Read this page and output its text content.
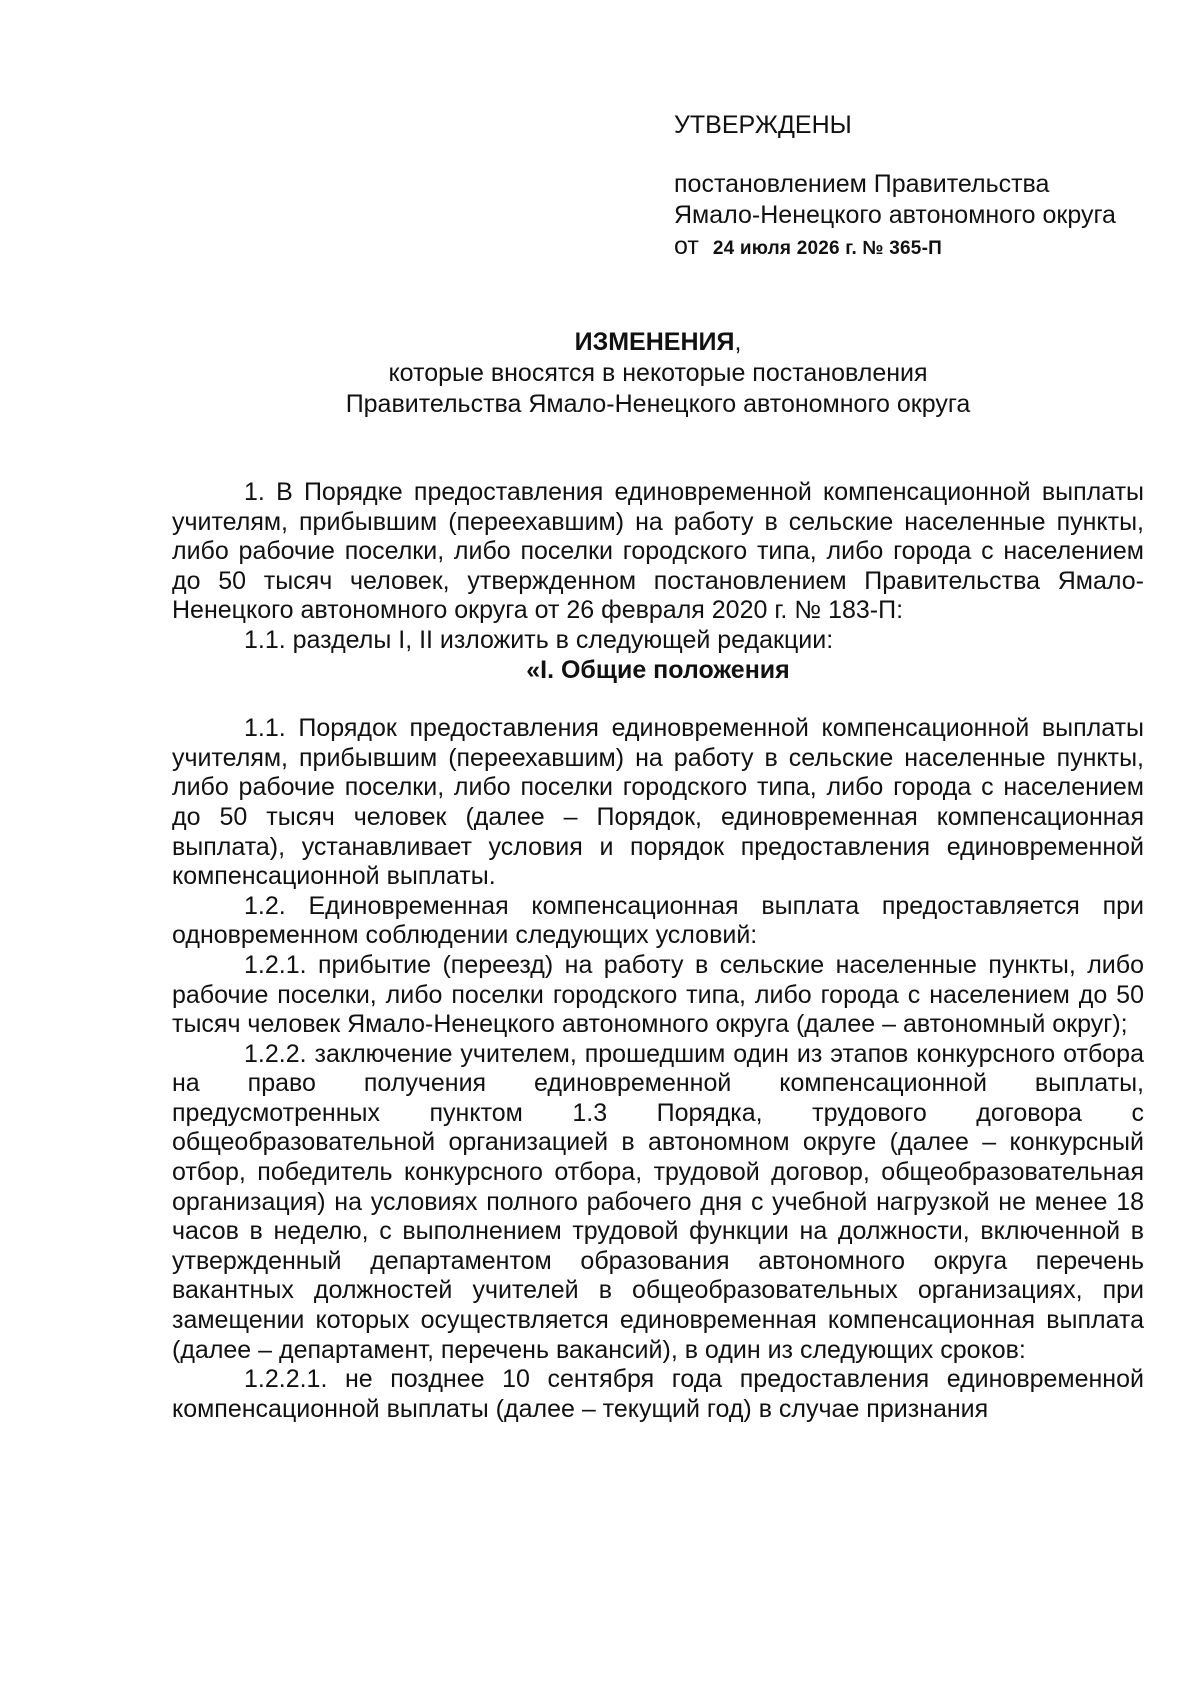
УТВЕРЖДЕНЫ
постановлением Правительства
Ямало-Ненецкого автономного округа
от 24 июля 2026 г. № 365-П
ИЗМЕНЕНИЯ,
которые вносятся в некоторые постановления
Правительства Ямало-Ненецкого автономного округа

1. В Порядке предоставления единовременной компенсационной выплаты учителям, прибывшим (переехавшим) на работу в сельские населенные пункты, либо рабочие поселки, либо поселки городского типа, либо города с населением до 50 тысяч человек, утвержденном постановлением Правительства Ямало-Ненецкого автономного округа от 26 февраля 2020 г. № 183-П:

1.1. разделы I, II изложить в следующей редакции:

«I. Общие положения

1.1. Порядок предоставления единовременной компенсационной выплаты учителям, прибывшим (переехавшим) на работу в сельские населенные пункты, либо рабочие поселки, либо поселки городского типа, либо города с населением до 50 тысяч человек (далее – Порядок, единовременная компенсационная выплата), устанавливает условия и порядок предоставления единовременной компенсационной выплаты.

1.2. Единовременная компенсационная выплата предоставляется при одновременном соблюдении следующих условий:

1.2.1. прибытие (переезд) на работу в сельские населенные пункты, либо рабочие поселки, либо поселки городского типа, либо города с населением до 50 тысяч человек Ямало-Ненецкого автономного округа (далее – автономный округ);

1.2.2. заключение учителем, прошедшим один из этапов конкурсного отбора на право получения единовременной компенсационной выплаты, предусмотренных пунктом 1.3 Порядка, трудового договора с общеобразовательной организацией в автономном округе (далее – конкурсный отбор, победитель конкурсного отбора, трудовой договор, общеобразовательная организация) на условиях полного рабочего дня с учебной нагрузкой не менее 18 часов в неделю, с выполнением трудовой функции на должности, включенной в утвержденный департаментом образования автономного округа перечень вакантных должностей учителей в общеобразовательных организациях, при замещении которых осуществляется единовременная компенсационная выплата (далее – департамент, перечень вакансий), в один из следующих сроков:

1.2.2.1. не позднее 10 сентября года предоставления единовременной компенсационной выплаты (далее – текущий год) в случае признания
